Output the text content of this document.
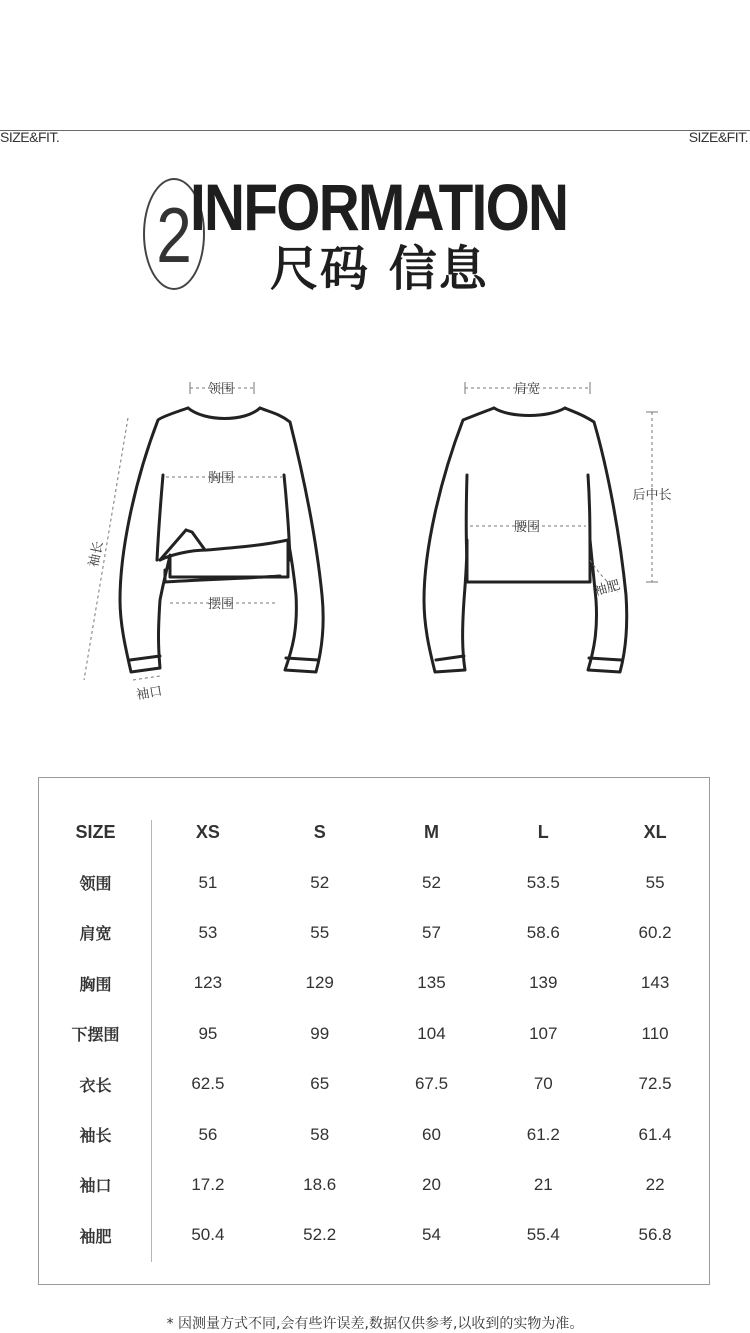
SIZE&FIT.	SIZE&FIT.
2
INFORMATION
尺码 信息
领围
胸围
摆围
袖长
袖口
肩宽
腰围
后中长
袖肥
SIZE	XS	S	M	L	XL
领围	51	52	52	53.5	55
肩宽	53	55	57	58.6	60.2
胸围	123	129	135	139	143
下摆围	95	99	104	107	110
衣长	62.5	65	67.5	70	72.5
袖长	56	58	60	61.2	61.4
袖口	17.2	18.6	20	21	22
袖肥	50.4	52.2	54	55.4	56.8
* 因测量方式不同,会有些许误差,数据仅供参考,以收到的实物为准。
